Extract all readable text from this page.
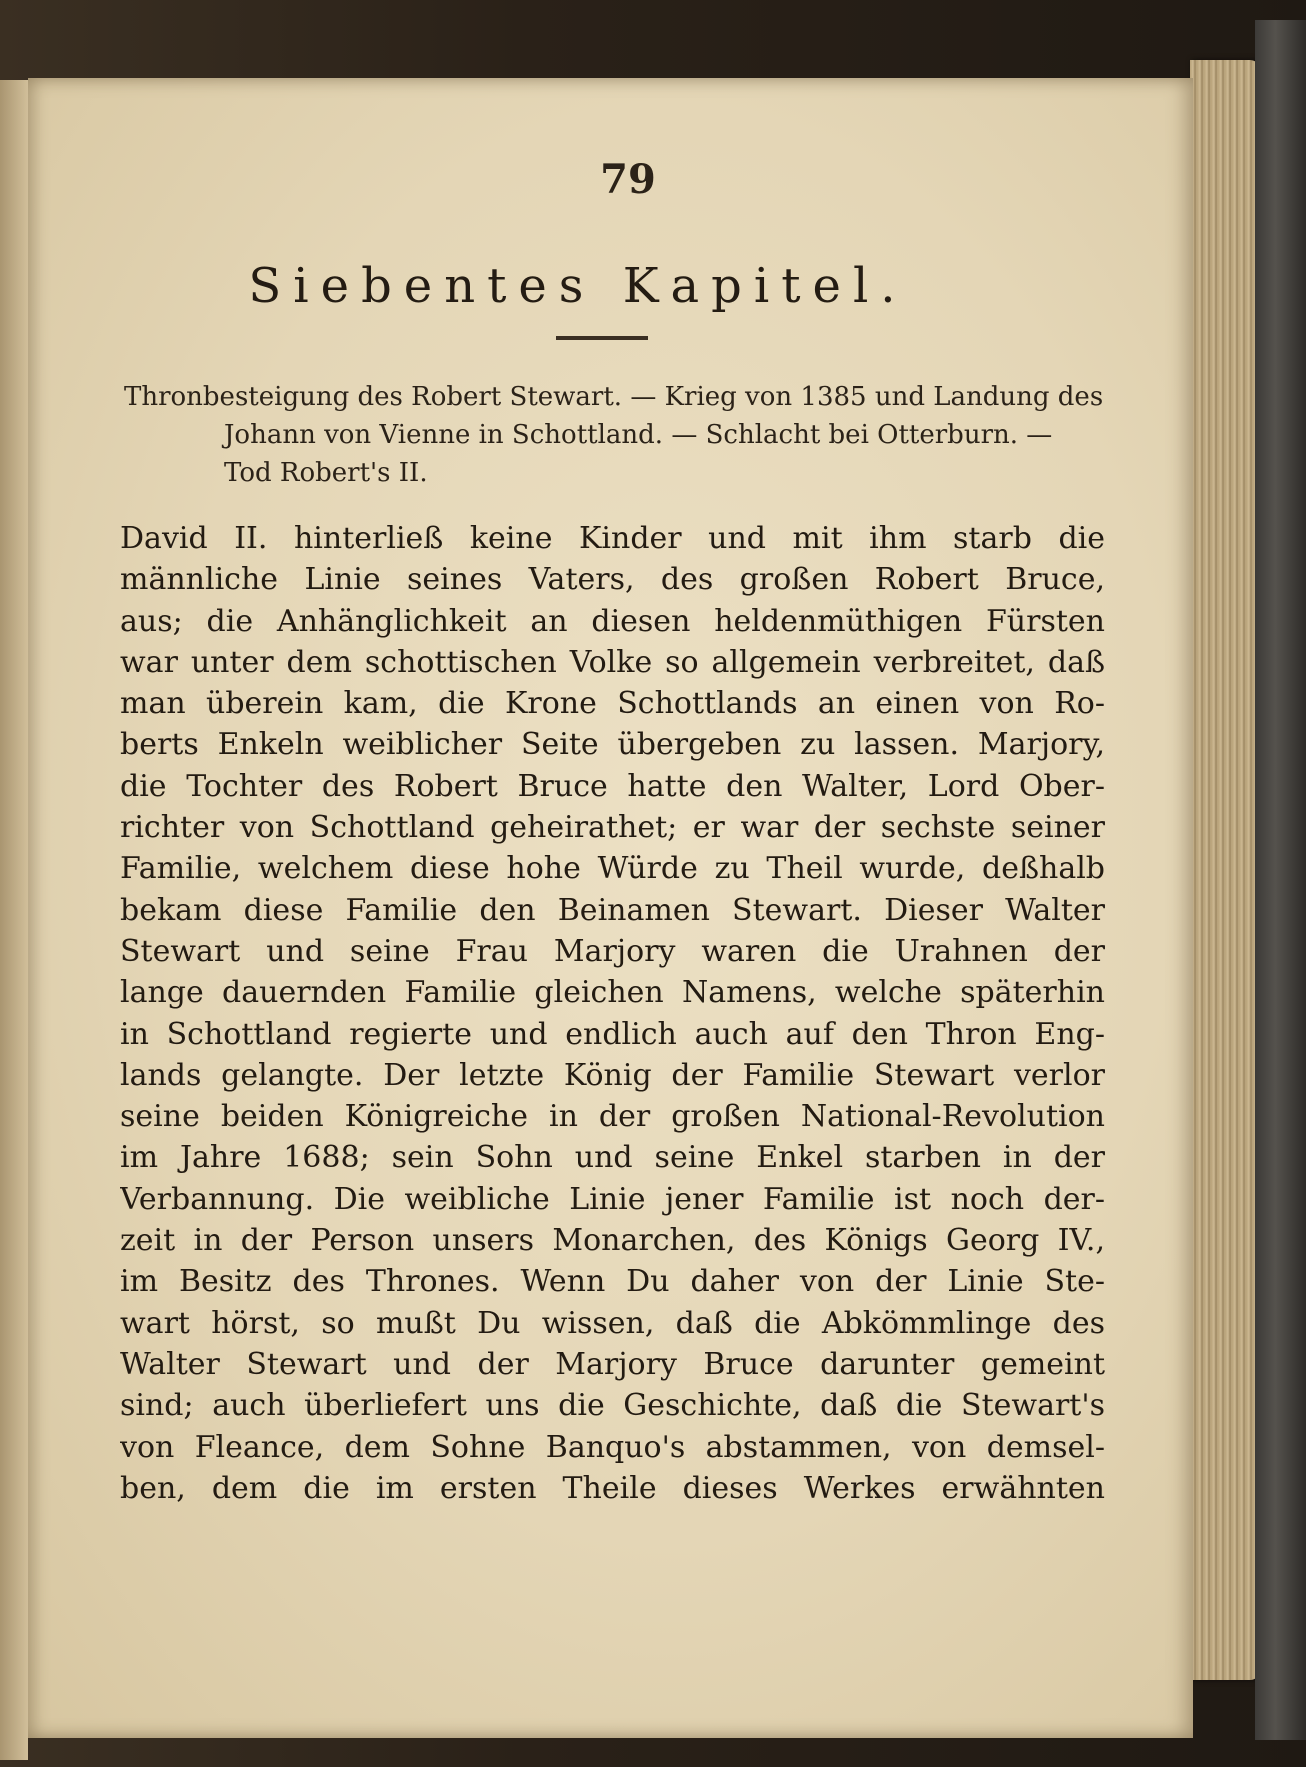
79
Siebentes Kapitel.
Thronbesteigung des Robert Stewart. — Krieg von 1385 und Landung des
Johann von Vienne in Schottland. — Schlacht bei Otterburn. —
Tod Robert's II.
David II. hinterließ keine Kinder und mit ihm starb die
männliche Linie seines Vaters, des großen Robert Bruce,
aus; die Anhänglichkeit an diesen heldenmüthigen Fürsten
war unter dem schottischen Volke so allgemein verbreitet, daß
man überein kam, die Krone Schottlands an einen von Ro-
berts Enkeln weiblicher Seite übergeben zu lassen. Marjory,
die Tochter des Robert Bruce hatte den Walter, Lord Ober-
richter von Schottland geheirathet; er war der sechste seiner
Familie, welchem diese hohe Würde zu Theil wurde, deßhalb
bekam diese Familie den Beinamen Stewart. Dieser Walter
Stewart und seine Frau Marjory waren die Urahnen der
lange dauernden Familie gleichen Namens, welche späterhin
in Schottland regierte und endlich auch auf den Thron Eng-
lands gelangte. Der letzte König der Familie Stewart verlor
seine beiden Königreiche in der großen National-Revolution
im Jahre 1688; sein Sohn und seine Enkel starben in der
Verbannung. Die weibliche Linie jener Familie ist noch der-
zeit in der Person unsers Monarchen, des Königs Georg IV.,
im Besitz des Thrones. Wenn Du daher von der Linie Ste-
wart hörst, so mußt Du wissen, daß die Abkömmlinge des
Walter Stewart und der Marjory Bruce darunter gemeint
sind; auch überliefert uns die Geschichte, daß die Stewart's
von Fleance, dem Sohne Banquo's abstammen, von demsel-
ben, dem die im ersten Theile dieses Werkes erwähnten
